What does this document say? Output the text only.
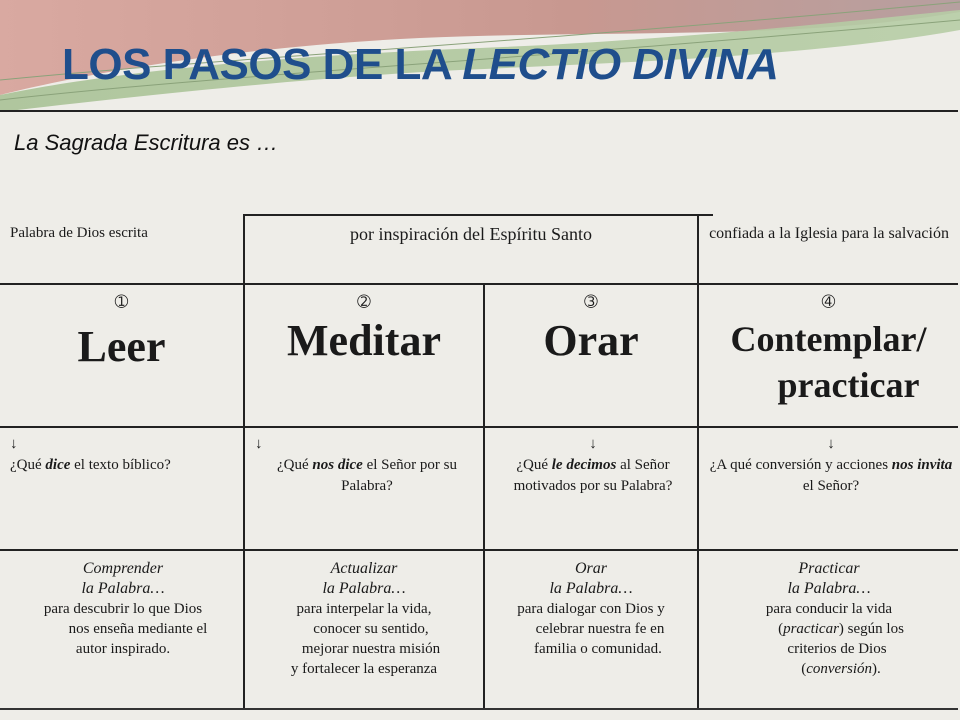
LOS PASOS DE LA LECTIO DIVINA
La Sagrada Escritura es …
Palabra de Dios escrita	por inspiración del Espíritu Santo	confiada a la Iglesia para la salvación
➀
Leer
➁
Meditar
➂
Orar
➃
Contemplar/
practicar
↓
¿Qué dice el texto bíblico?
↓
¿Qué nos dice el Señor por su Palabra?
↓
¿Qué le decimos al Señor motivados por su Palabra?
↓
¿A qué conversión y acciones nos invita el Señor?
Comprender
la Palabra…
para descubrir lo que Dios
nos enseña mediante el
autor inspirado.
Actualizar
la Palabra…
para interpelar la vida,
conocer su sentido,
mejorar nuestra misión
y fortalecer la esperanza
Orar
la Palabra…
para dialogar con Dios y
celebrar nuestra fe en
familia o comunidad.
Practicar
la Palabra…
para conducir la vida
(practicar) según los
criterios de Dios
(conversión).
